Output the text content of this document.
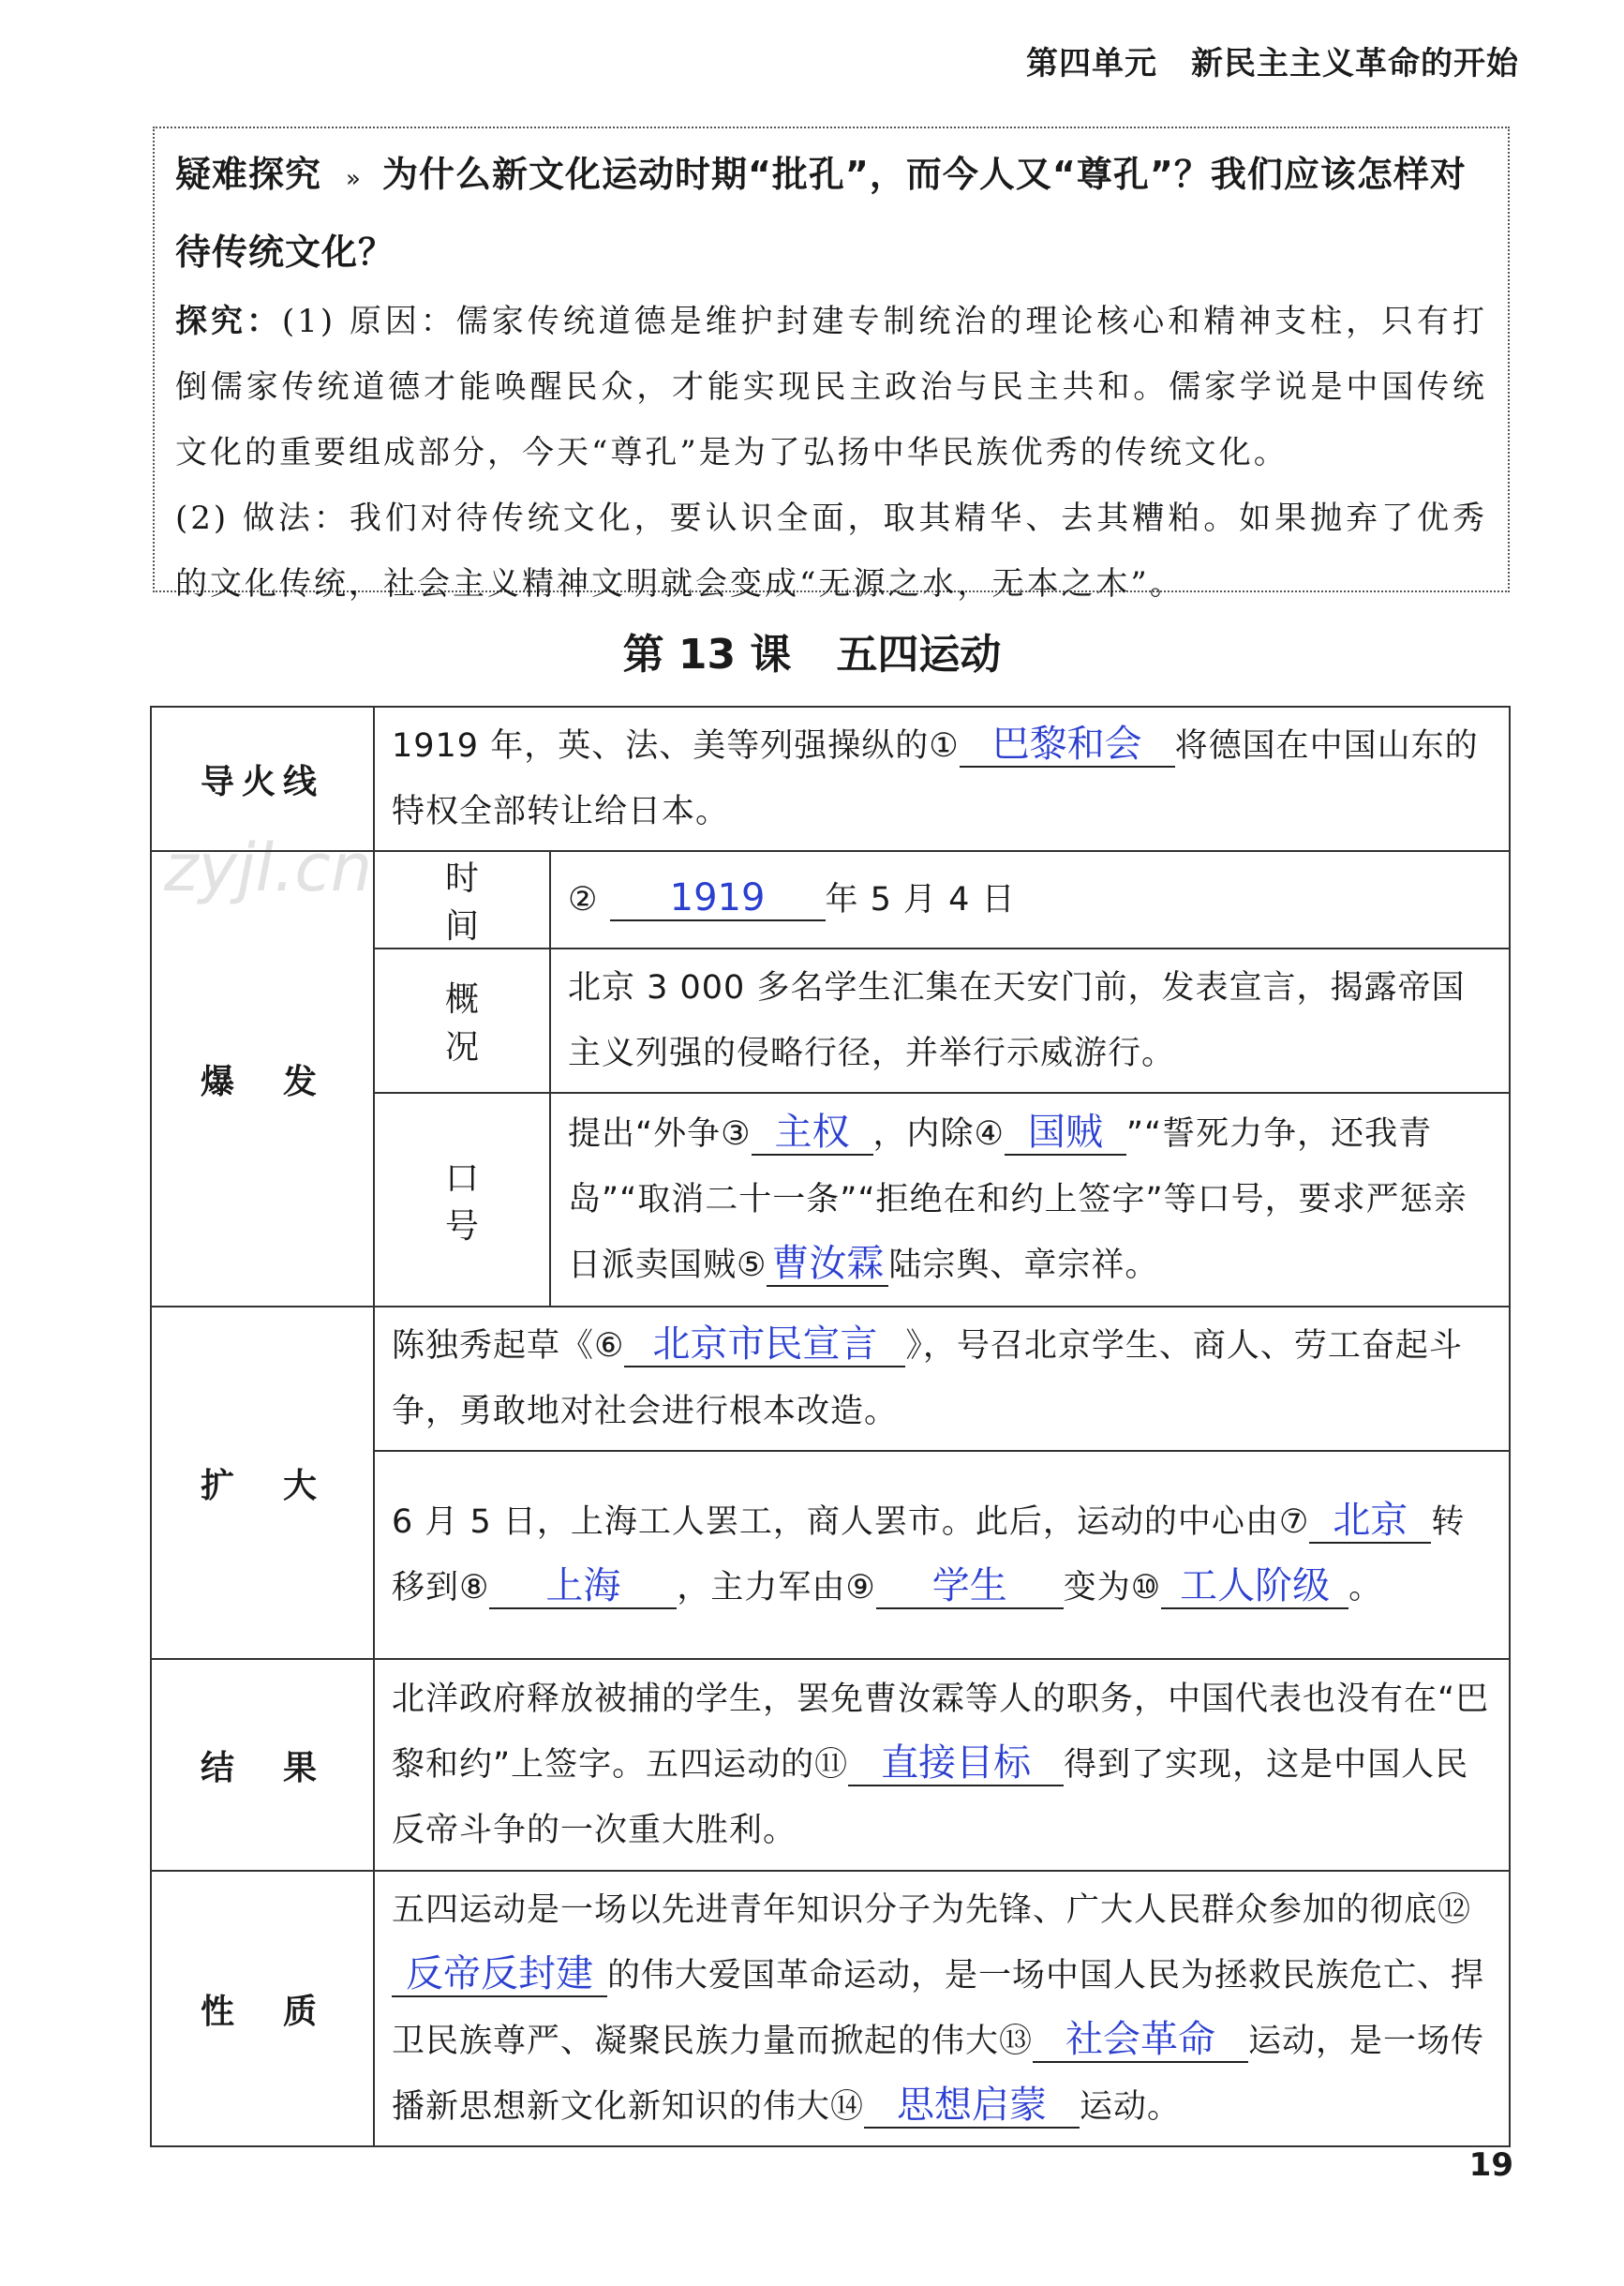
第四单元 新民主主义革命的开始
疑难探究 » 为什么新文化运动时期“批孔”，而今人又“尊孔”？我们应该怎样对待传统文化？
探究：(1) 原因：儒家传统道德是维护封建专制统治的理论核心和精神支柱，只有打倒儒家传统道德才能唤醒民众，才能实现民主政治与民主共和。儒家学说是中国传统文化的重要组成部分，今天“尊孔”是为了弘扬中华民族优秀的传统文化。
(2) 做法：我们对待传统文化，要认识全面，取其精华、去其糟粕。如果抛弃了优秀的文化传统，社会主义精神文明就会变成“无源之水，无本之木”。
第 13 课 五四运动
zyjl.cn
导火线	1919 年，英、法、美等列强操纵的① 巴黎和会 将德国在中国山东的特权全部转让给日本。	
爆　发	时间	② 1919 年 5 月 4 日
	概况	北京 3 000 多名学生汇集在天安门前，发表宣言，揭露帝国主义列强的侵略行径，并举行示威游行。
	口号	提出“外争③ 主权 ，内除④ 国贼 ”“誓死力争，还我青岛”“取消二十一条”“拒绝在和约上签字”等口号，要求严惩亲日派卖国贼⑤ 曹汝霖 陆宗舆、章宗祥。
扩　大	陈独秀起草《⑥ 北京市民宣言 》，号召北京学生、商人、劳工奋起斗争，勇敢地对社会进行根本改造。	
	6 月 5 日，上海工人罢工，商人罢市。此后，运动的中心由⑦ 北京 转移到⑧ 上海 ，主力军由⑨ 学生 变为⑩ 工人阶级 。	
结　果	北洋政府释放被捕的学生，罢免曹汝霖等人的职务，中国代表也没有在“巴黎和约”上签字。五四运动的⑪ 直接目标 得到了实现，这是中国人民反帝斗争的一次重大胜利。	
性　质	五四运动是一场以先进青年知识分子为先锋、广大人民群众参加的彻底⑫反帝反封建 的伟大爱国革命运动，是一场中国人民为拯救民族危亡、捍卫民族尊严、凝聚民族力量而掀起的伟大⑬ 社会革命 运动，是一场传播新思想新文化新知识的伟大⑭ 思想启蒙 运动。	
19
